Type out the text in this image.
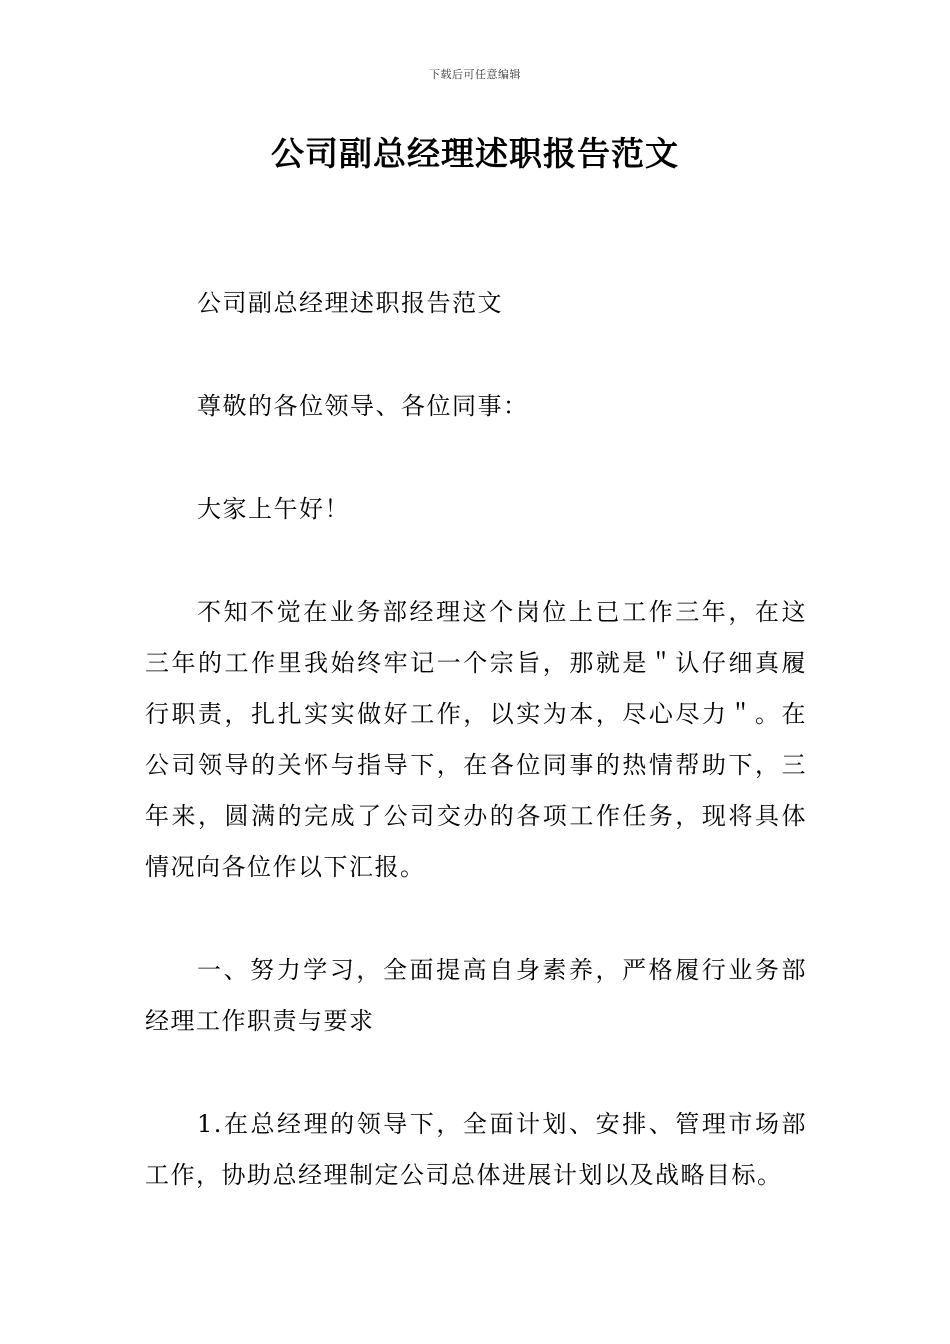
下载后可任意编辑
公司副总经理述职报告范文

公司副总经理述职报告范文

尊敬的各位领导、各位同事：

大家上午好！

不知不觉在业务部经理这个岗位上已工作三年，在这三年的工作里我始终牢记一个宗旨，那就是＂认仔细真履行职责，扎扎实实做好工作，以实为本，尽心尽力＂。在公司领导的关怀与指导下，在各位同事的热情帮助下，三年来，圆满的完成了公司交办的各项工作任务，现将具体情况向各位作以下汇报。

一、努力学习，全面提高自身素养，严格履行业务部经理工作职责与要求

1.在总经理的领导下，全面计划、安排、管理市场部工作，协助总经理制定公司总体进展计划以及战略目标。
